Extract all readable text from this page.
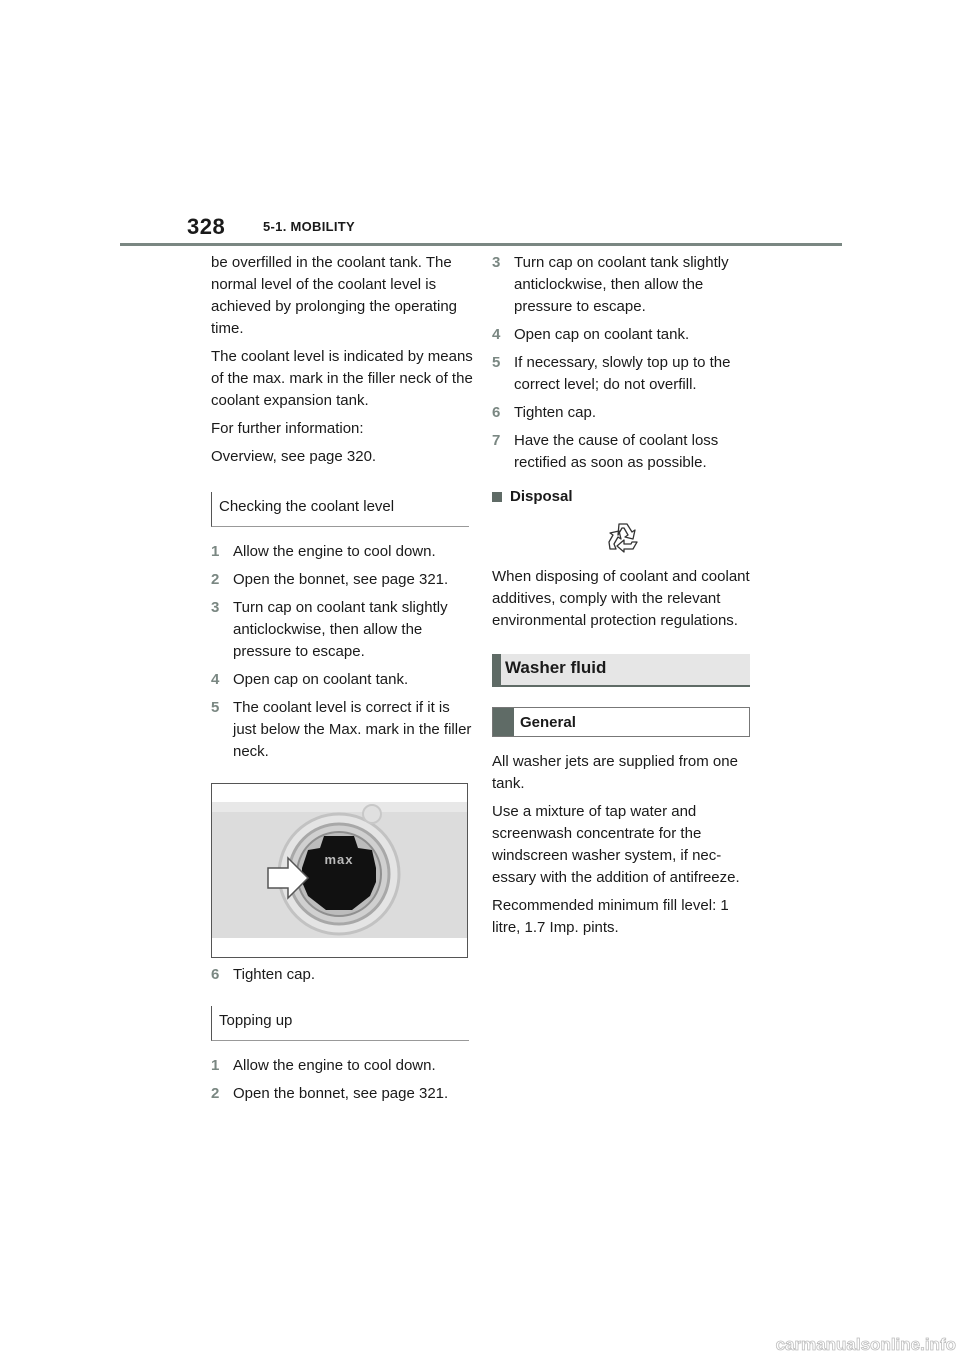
328	5-1. MOBILITY

be overfilled in the coolant tank. The normal level of the coolant level is achieved by prolonging the operating time.

The coolant level is indicated by means of the max. mark in the filler neck of the coolant expansion tank.

For further information:

Overview, see page 320.

Checking the coolant level
1 Allow the engine to cool down.
2 Open the bonnet, see page 321.
3 Turn cap on coolant tank slightly anticlockwise, then allow the pressure to escape.
4 Open cap on coolant tank.
5 The coolant level is correct if it is just below the Max. mark in the filler neck.
max
6 Tighten cap.
Topping up
1 Allow the engine to cool down.
2 Open the bonnet, see page 321.
3 Turn cap on coolant tank slightly anticlockwise, then allow the pressure to escape.
4 Open cap on coolant tank.
5 If necessary, slowly top up to the correct level; do not overfill.
6 Tighten cap.
7 Have the cause of coolant loss rectified as soon as possible.
Disposal

When disposing of coolant and coolant additives, comply with the relevant environmental protection regulations.

Washer fluid
General

All washer jets are supplied from one tank.

Use a mixture of tap water and screenwash concentrate for the windscreen washer system, if necessary with the addition of antifreeze.

Recommended minimum fill level: 1 litre, 1.7 Imp. pints.

carmanualsonline.info
